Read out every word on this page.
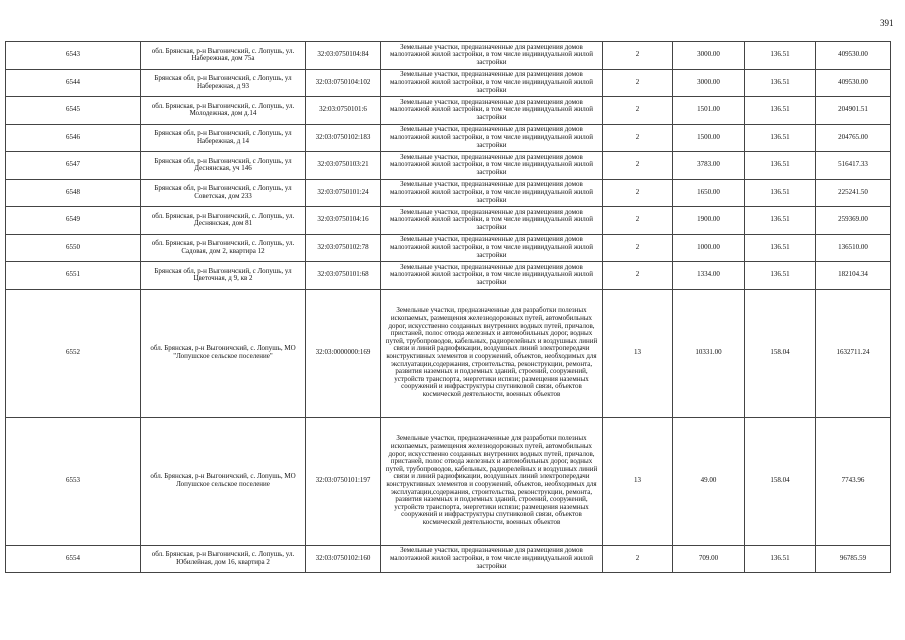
391
6543	обл. Брянская, р-н Выгоничский, с. Лопушь, ул. Набережная, дом 75а	32:03:0750104:84	Земельные участки, предназначенные для размещения домов малоэтажной жилой застройки, в том числе индивидуальной жилой застройки	2	3000.00	136.51	409530.00
6544	Брянская обл, р-н Выгоничский, с Лопушь, ул Набережная, д 93	32:03:0750104:102	Земельные участки, предназначенные для размещения домов малоэтажной жилой застройки, в том числе индивидуальной жилой застройки	2	3000.00	136.51	409530.00
6545	обл. Брянская, р-н Выгоничский, с. Лопушь, ул. Молодежная, дом д.14	32:03:0750101:6	Земельные участки, предназначенные для размещения домов малоэтажной жилой застройки, в том числе индивидуальной жилой застройки	2	1501.00	136.51	204901.51
6546	Брянская обл, р-н Выгоничский, с Лопушь, ул Набережная, д 14	32:03:0750102:183	Земельные участки, предназначенные для размещения домов малоэтажной жилой застройки, в том числе индивидуальной жилой застройки	2	1500.00	136.51	204765.00
6547	Брянская обл, р-н Выгоничский, с Лопушь, ул Деснянская, уч 146	32:03:0750103:21	Земельные участки, предназначенные для размещения домов малоэтажной жилой застройки, в том числе индивидуальной жилой застройки	2	3783.00	136.51	516417.33
6548	Брянская обл, р-н Выгоничский, с Лопушь, ул Советская, дом 233	32:03:0750101:24	Земельные участки, предназначенные для размещения домов малоэтажной жилой застройки, в том числе индивидуальной жилой застройки	2	1650.00	136.51	225241.50
6549	обл. Брянская, р-н Выгоничский, с. Лопушь, ул. Деснянская, дом 81	32:03:0750104:16	Земельные участки, предназначенные для размещения домов малоэтажной жилой застройки, в том числе индивидуальной жилой застройки	2	1900.00	136.51	259369.00
6550	обл. Брянская, р-н Выгоничский, с. Лопушь, ул. Садовая, дом 2, квартира 12	32:03:0750102:78	Земельные участки, предназначенные для размещения домов малоэтажной жилой застройки, в том числе индивидуальной жилой застройки	2	1000.00	136.51	136510.00
6551	Брянская обл, р-н Выгоничский, с Лопушь, ул Цветочная, д 9, кв 2	32:03:0750101:68	Земельные участки, предназначенные для размещения домов малоэтажной жилой застройки, в том числе индивидуальной жилой застройки	2	1334.00	136.51	182104.34
6552	обл. Брянская, р-н Выгоничский, с. Лопушь, МО "Лопушское сельское поселение"	32:03:0000000:169	Земельные участки, предназначенные для разработки полезных ископаемых, размещения железнодорожных путей, автомобильных дорог, искусственно созданных внутренних водных путей, причалов, пристаней, полос отвода железных и автомобильных дорог, водных путей, трубопроводов, кабельных, радиорелейных и воздушных линий связи и линий радиофикации, воздушных линий электропередачи конструктивных элементов и сооружений, объектов, необходимых для эксплуатации,содержания, строительства, реконструкции, ремонта, развития наземных и подземных зданий, строений, сооружений, устройств транспорта, энергетики испязи; размещения наземных сооружений и инфраструктуры спутниковой связи, объектов космической деятельности, военных объектов	13	10331.00	158.04	1632711.24
6553	обл. Брянская, р-н Выгоничский, с. Лопушь, МО Лопушское сельское поселение	32:03:0750101:197	Земельные участки, предназначенные для разработки полезных ископаемых, размещения железнодорожных путей, автомобильных дорог, искусственно созданных внутренних водных путей, причалов, пристаней, полос отвода железных и автомобильных дорог, водных путей, трубопроводов, кабельных, радиорелейных и воздушных линий связи и линий радиофикации, воздушных линий электропередачи конструктивных элементов и сооружений, объектов, необходимых для эксплуатации,содержания, строительства, реконструкции, ремонта, развития наземных и подземных зданий, строений, сооружений, устройств транспорта, энергетики испязи; размещения наземных сооружений и инфраструктуры спутниковой связи, объектов космической деятельности, военных объектов	13	49.00	158.04	7743.96
6554	обл. Брянская, р-н Выгоничский, с. Лопушь, ул. Юбилейная, дом 16, квартира 2	32:03:0750102:160	Земельные участки, предназначенные для размещения домов малоэтажной жилой застройки, в том числе индивидуальной жилой застройки	2	709.00	136.51	96785.59
